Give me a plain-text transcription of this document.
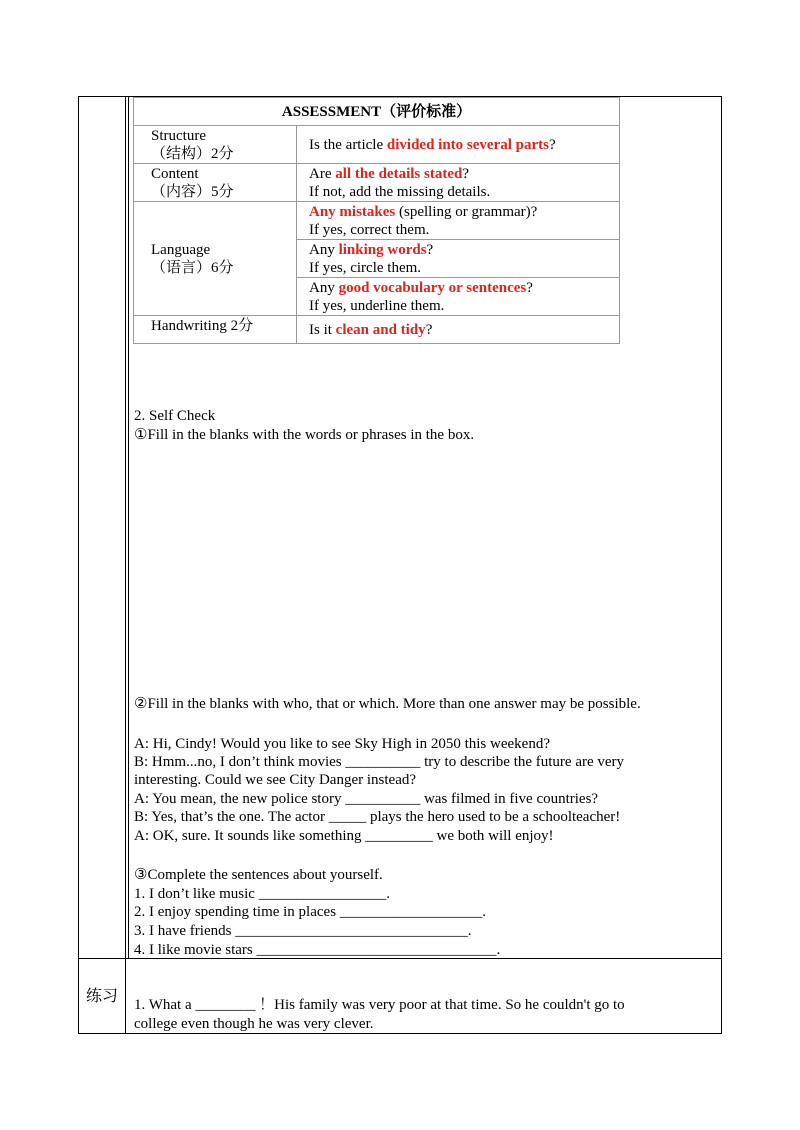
ASSESSMENT（评价标准）	

Structure
（结构）2分	Is the article divided into several parts?

Content
（内容）5分	Are all the details stated?
If not, add the missing details.

Language
（语言）6分	Any mistakes (spelling or grammar)?
If yes, correct them.

	Any linking words?
If yes, circle them.

	Any good vocabulary or sentences?
If yes, underline them.

Handwriting 2分	Is it clean and tidy?
2. Self Check
①Fill in the blanks with the words or phrases in the box.
②Fill in the blanks with who, that or which. More than one answer may be possible.
A: Hi, Cindy! Would you like to see Sky High in 2050 this weekend?
B: Hmm...no, I don’t think movies __________ try to describe the future are very
interesting. Could we see City Danger instead?
A: You mean, the new police story __________ was filmed in five countries?
B: Yes, that’s the one. The actor _____ plays the hero used to be a schoolteacher!
A: OK, sure. It sounds like something _________ we both will enjoy!
③Complete the sentences about yourself.
1. I don’t like music _________________.
2. I enjoy spending time in places ___________________.
3. I have friends _______________________________.
4. I like movie stars ________________________________.
练习 1. What a ________ ！His family was very poor at that time. So he couldn't go to
college even though he was very clever.
